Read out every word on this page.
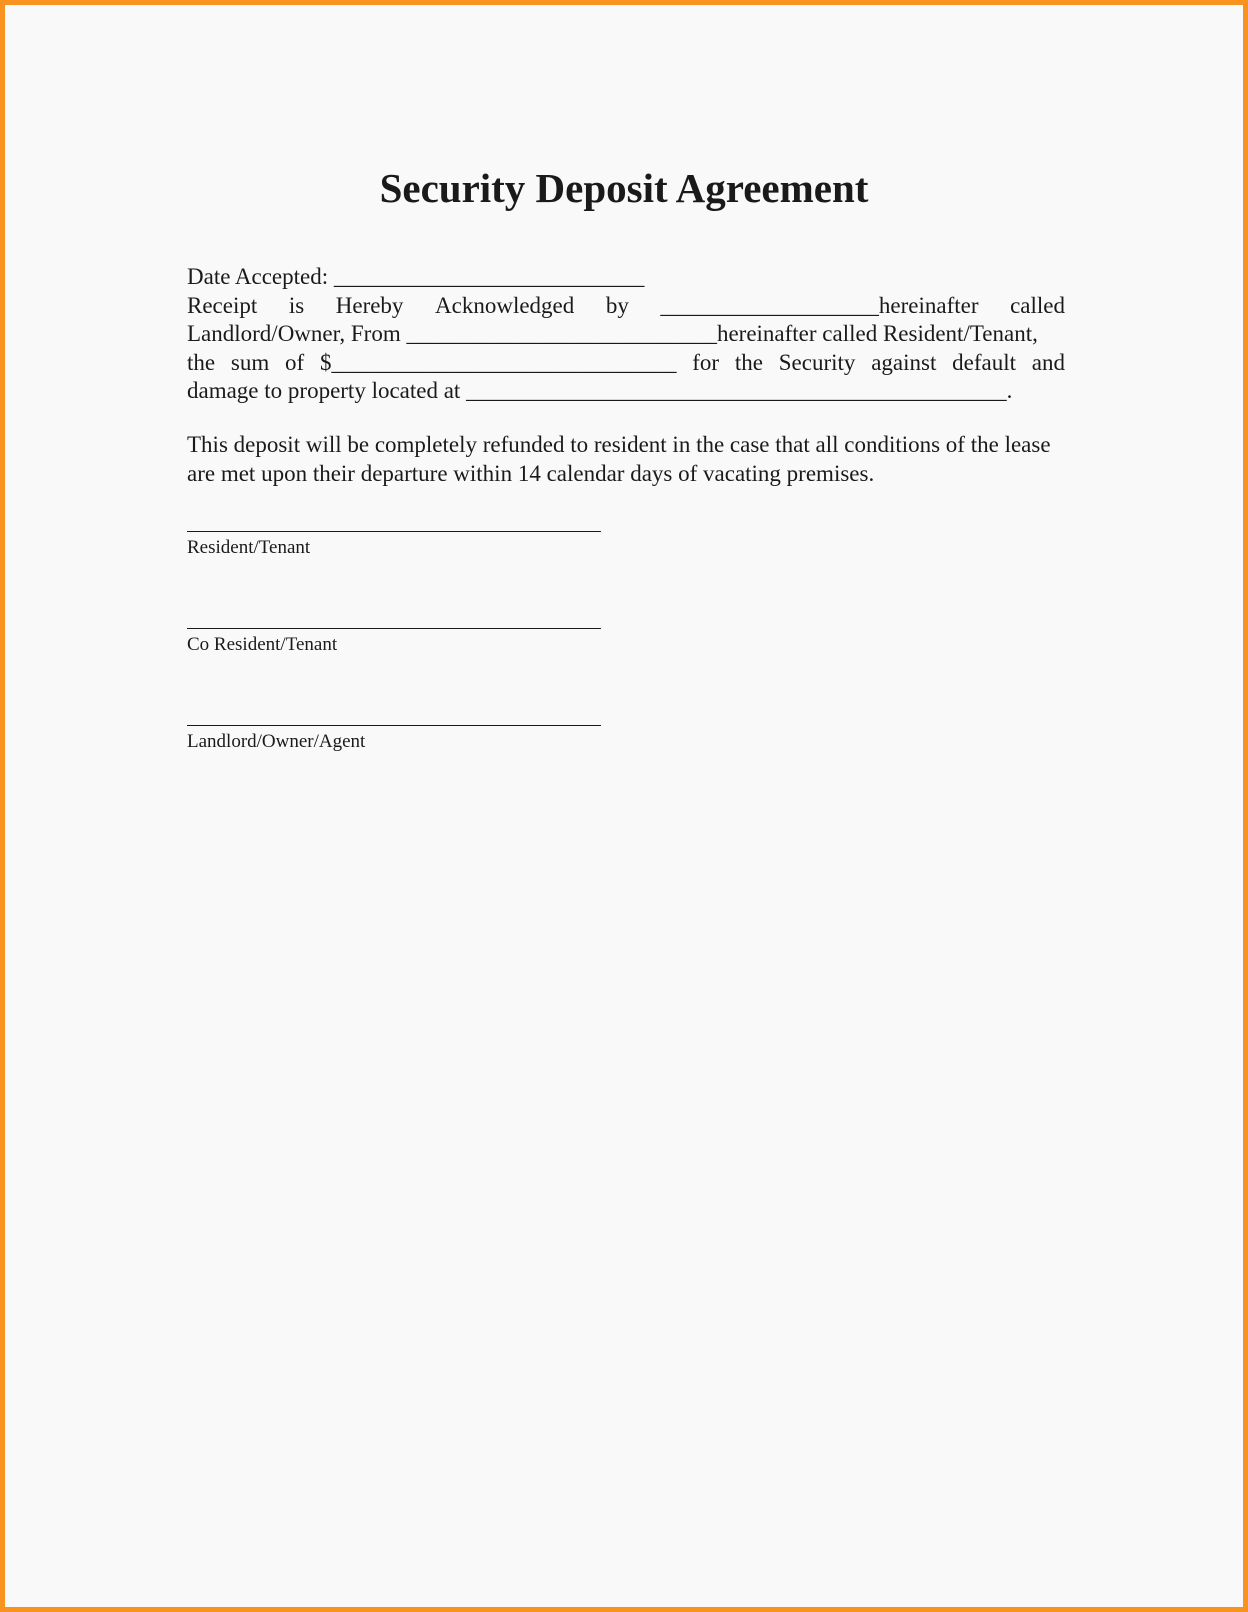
Security Deposit Agreement
Date Accepted: ___________________________
Receipt is Hereby Acknowledged by ___________________hereinafter called
Landlord/Owner, From ___________________________hereinafter called Resident/Tenant,
the sum of $______________________________ for the Security against default and
damage to property located at _______________________________________________.
This deposit will be completely refunded to resident in the case that all conditions of the lease are met upon their departure within 14 calendar days of vacating premises.
Resident/Tenant
Co Resident/Tenant
Landlord/Owner/Agent
